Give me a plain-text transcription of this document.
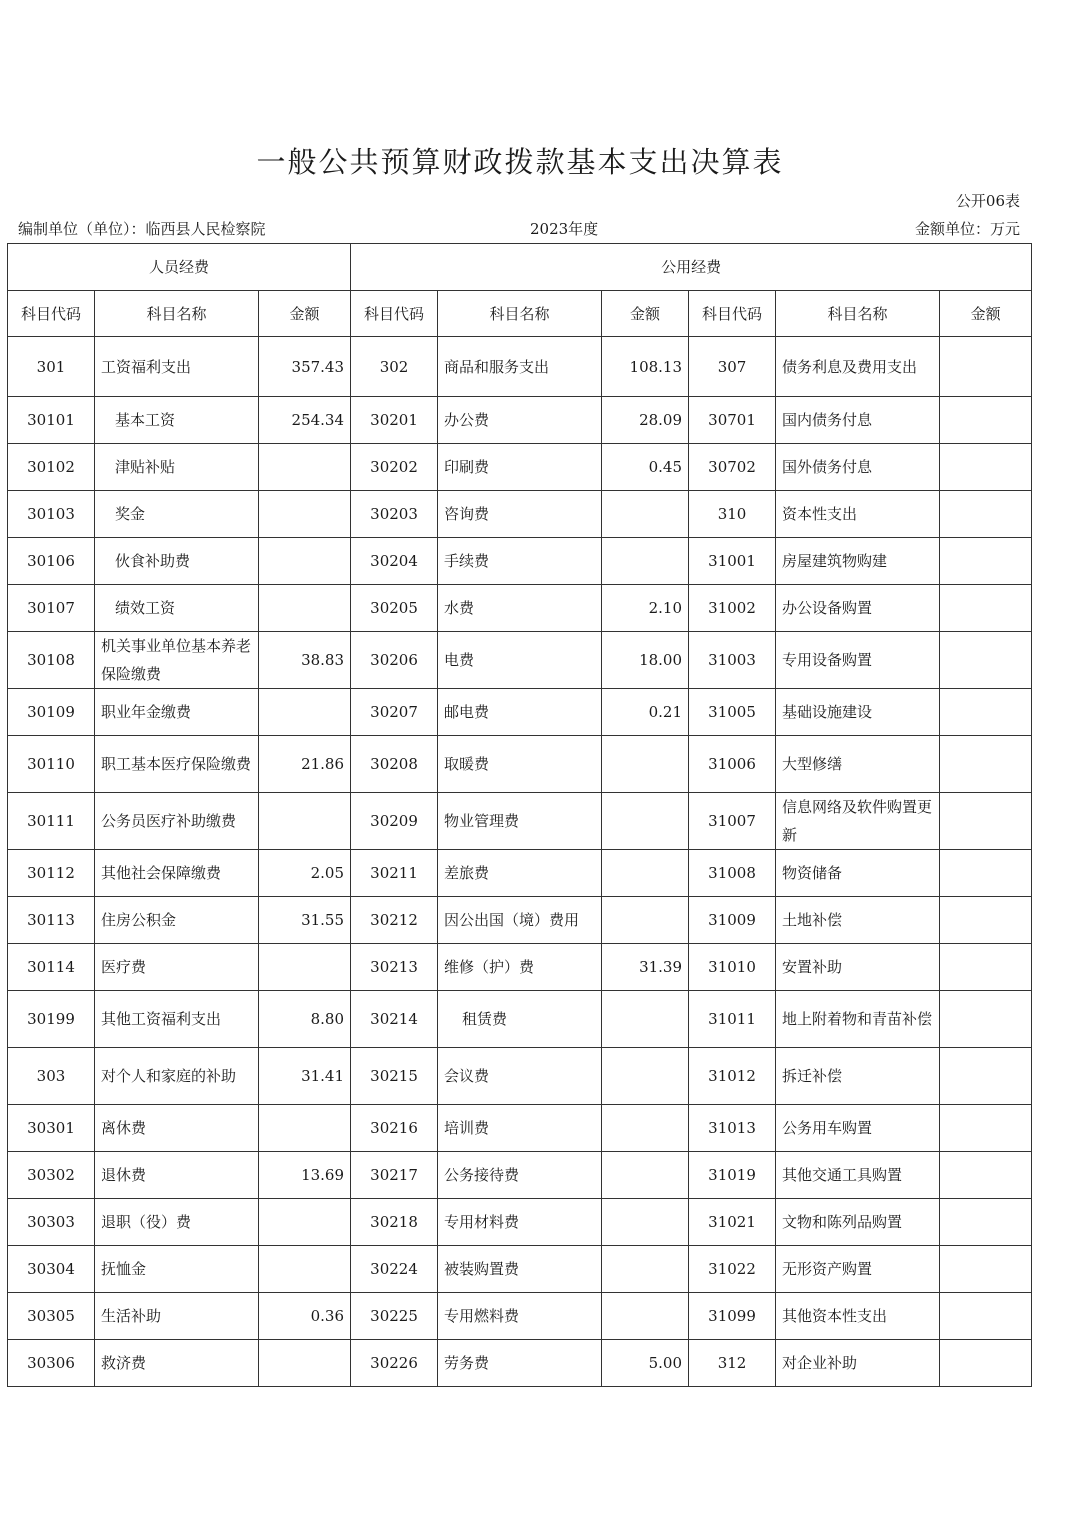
一般公共预算财政拨款基本支出决算表
公开06表
编制单位（单位）：临西县人民检察院	2023年度	金额单位：万元
人员经费			公用经费					
科目代码	科目名称	金额	科目代码	科目名称	金额	科目代码	科目名称	金额
301	工资福利支出	357.43	302	商品和服务支出	108.13	307	债务利息及费用支出	
30101	基本工资	254.34	30201	办公费	28.09	30701	国内债务付息	
30102	津贴补贴		30202	印刷费	0.45	30702	国外债务付息	
30103	奖金		30203	咨询费		310	资本性支出	
30106	伙食补助费		30204	手续费		31001	房屋建筑物购建	
30107	绩效工资		30205	水费	2.10	31002	办公设备购置	
30108	机关事业单位基本养老保险缴费	38.83	30206	电费	18.00	31003	专用设备购置	
30109	职业年金缴费		30207	邮电费	0.21	31005	基础设施建设	
30110	职工基本医疗保险缴费	21.86	30208	取暖费		31006	大型修缮	
30111	公务员医疗补助缴费		30209	物业管理费		31007	信息网络及软件购置更新	
30112	其他社会保障缴费	2.05	30211	差旅费		31008	物资储备	
30113	住房公积金	31.55	30212	因公出国（境）费用		31009	土地补偿	
30114	医疗费		30213	维修（护）费	31.39	31010	安置补助	
30199	其他工资福利支出	8.80	30214	租赁费		31011	地上附着物和青苗补偿	
303	对个人和家庭的补助	31.41	30215	会议费		31012	拆迁补偿	
30301	离休费		30216	培训费		31013	公务用车购置	
30302	退休费	13.69	30217	公务接待费		31019	其他交通工具购置	
30303	退职（役）费		30218	专用材料费		31021	文物和陈列品购置	
30304	抚恤金		30224	被装购置费		31022	无形资产购置	
30305	生活补助	0.36	30225	专用燃料费		31099	其他资本性支出	
30306	救济费		30226	劳务费	5.00	312	对企业补助	
